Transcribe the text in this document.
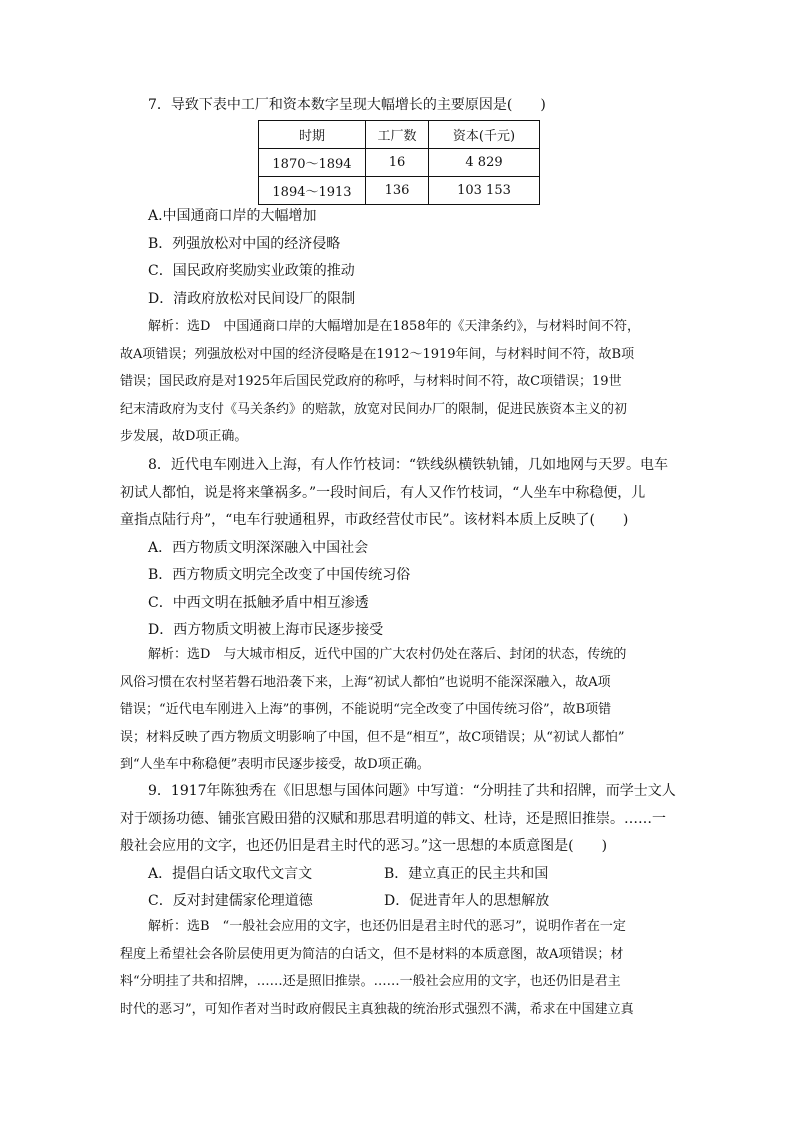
7．导致下表中工厂和资本数字呈现大幅增长的主要原因是(　　)
时期	工厂数	资本(千元)
1870～1894	16	4 829
1894～1913	136	103 153
A.中国通商口岸的大幅增加
B．列强放松对中国的经济侵略
C．国民政府奖励实业政策的推动
D．清政府放松对民间设厂的限制
解析：选D　中国通商口岸的大幅增加是在1858年的《天津条约》，与材料时间不符，
故A项错误；列强放松对中国的经济侵略是在1912～1919年间，与材料时间不符，故B项
错误；国民政府是对1925年后国民党政府的称呼，与材料时间不符，故C项错误；19世
纪末清政府为支付《马关条约》的赔款，放宽对民间办厂的限制，促进民族资本主义的初
步发展，故D项正确。
8．近代电车刚进入上海，有人作竹枝词：“铁线纵横铁轨铺，几如地网与天罗。电车
初试人都怕，说是将来肇祸多。”一段时间后，有人又作竹枝词，“人坐车中称稳便，儿
童指点陆行舟”，“电车行驶通租界，市政经营仗市民”。该材料本质上反映了(　　)
A．西方物质文明深深融入中国社会
B．西方物质文明完全改变了中国传统习俗
C．中西文明在抵触矛盾中相互渗透
D．西方物质文明被上海市民逐步接受
解析：选D　与大城市相反，近代中国的广大农村仍处在落后、封闭的状态，传统的
风俗习惯在农村坚若磐石地沿袭下来，上海“初试人都怕”也说明不能深深融入，故A项
错误；“近代电车刚进入上海”的事例，不能说明“完全改变了中国传统习俗”，故B项错
误；材料反映了西方物质文明影响了中国，但不是“相互”，故C项错误；从“初试人都怕”
到“人坐车中称稳便”表明市民逐步接受，故D项正确。
9．1917年陈独秀在《旧思想与国体问题》中写道：“分明挂了共和招牌，而学士文人
对于颂扬功德、铺张宫殿田猎的汉赋和那思君明道的韩文、杜诗，还是照旧推崇。……一
般社会应用的文字，也还仍旧是君主时代的恶习。”这一思想的本质意图是(　　)
A．提倡白话文取代文言文	B．建立真正的民主共和国
C．反对封建儒家伦理道德	D．促进青年人的思想解放
解析：选B　“一般社会应用的文字，也还仍旧是君主时代的恶习”，说明作者在一定
程度上希望社会各阶层使用更为简洁的白话文，但不是材料的本质意图，故A项错误；材
料“分明挂了共和招牌，……还是照旧推崇。……一般社会应用的文字，也还仍旧是君主
时代的恶习”，可知作者对当时政府假民主真独裁的统治形式强烈不满，希求在中国建立真
